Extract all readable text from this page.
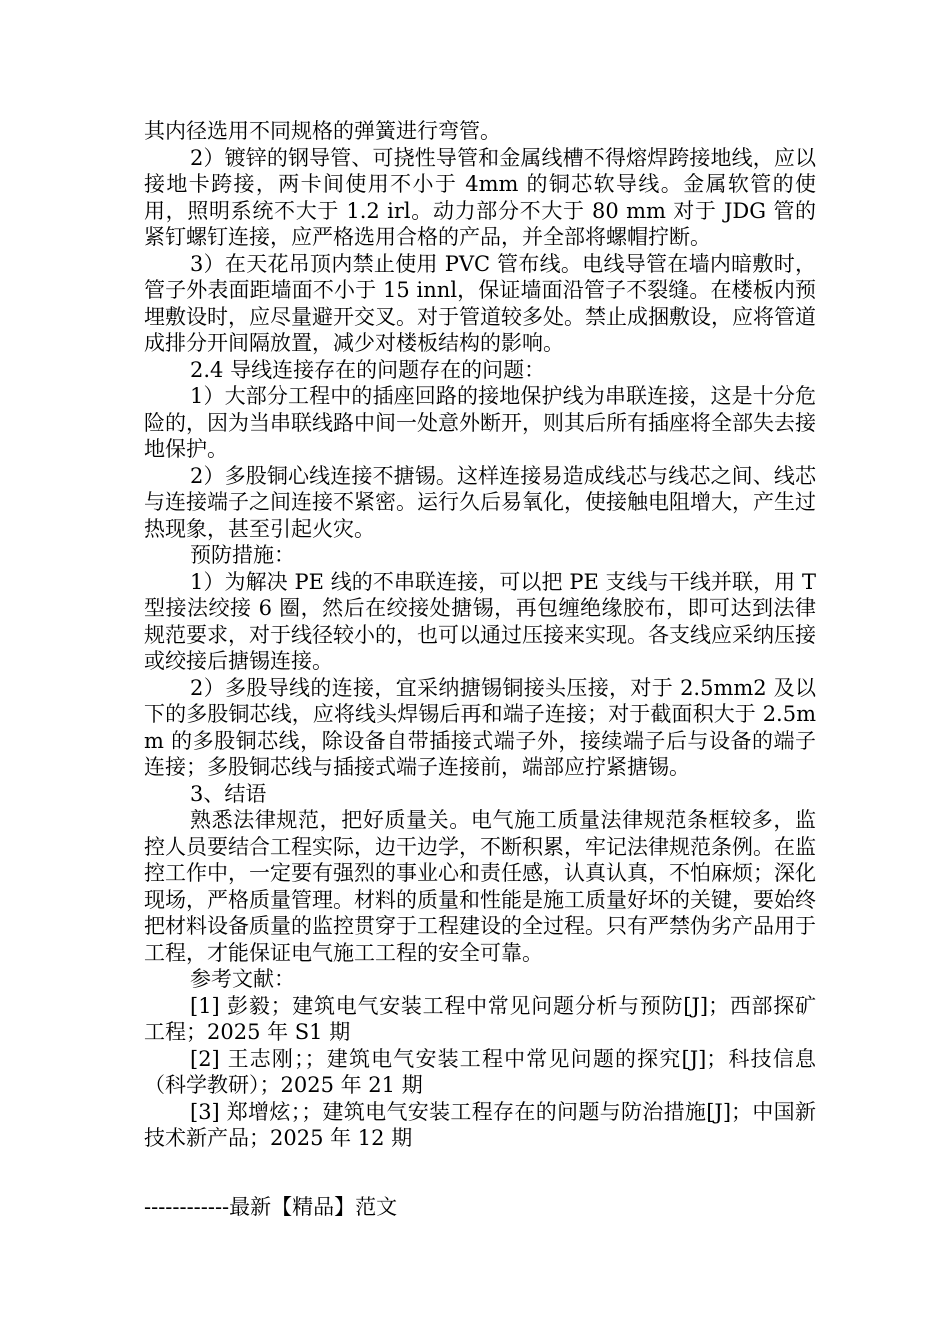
其内径选用不同规格的弹簧进行弯管。

2）镀锌的钢导管、可挠性导管和金属线槽不得熔焊跨接地线，应以接地卡跨接，两卡间使用不小于 4mm 的铜芯软导线。金属软管的使用，照明系统不大于 1.2 irl。动力部分不大于 80 mm 对于 JDG 管的紧钉螺钉连接，应严格选用合格的产品，并全部将螺帽拧断。

3）在天花吊顶内禁止使用 PVC 管布线。电线导管在墙内暗敷时，管子外表面距墙面不小于 15 innl，保证墙面沿管子不裂缝。在楼板内预埋敷设时，应尽量避开交叉。对于管道较多处。禁止成捆敷设，应将管道成排分开间隔放置，减少对楼板结构的影响。

2.4 导线连接存在的问题存在的问题：

1）大部分工程中的插座回路的接地保护线为串联连接，这是十分危险的，因为当串联线路中间一处意外断开，则其后所有插座将全部失去接地保护。

2）多股铜心线连接不搪锡。这样连接易造成线芯与线芯之间、线芯与连接端子之间连接不紧密。运行久后易氧化，使接触电阻增大，产生过热现象，甚至引起火灾。

预防措施：

1）为解决 PE 线的不串联连接，可以把 PE 支线与干线并联，用 T 型接法绞接 6 圈，然后在绞接处搪锡，再包缠绝缘胶布，即可达到法律规范要求，对于线径较小的，也可以通过压接来实现。各支线应采纳压接或绞接后搪锡连接。

2）多股导线的连接，宜采纳搪锡铜接头压接，对于 2.5mm2 及以下的多股铜芯线，应将线头焊锡后再和端子连接；对于截面积大于 2.5mm 的多股铜芯线，除设备自带插接式端子外，接续端子后与设备的端子连接；多股铜芯线与插接式端子连接前，端部应拧紧搪锡。

3、结语

熟悉法律规范，把好质量关。电气施工质量法律规范条框较多，监控人员要结合工程实际，边干边学，不断积累，牢记法律规范条例。在监控工作中，一定要有强烈的事业心和责任感，认真认真，不怕麻烦；深化现场，严格质量管理。材料的质量和性能是施工质量好坏的关键，要始终把材料设备质量的监控贯穿于工程建设的全过程。只有严禁伪劣产品用于工程，才能保证电气施工工程的安全可靠。

参考文献：

[1] 彭毅；建筑电气安装工程中常见问题分析与预防[J]；西部探矿工程；2025 年 S1 期

[2] 王志刚；；建筑电气安装工程中常见问题的探究[J]；科技信息（科学教研）；2025 年 21 期

[3] 郑增炫；；建筑电气安装工程存在的问题与防治措施[J]；中国新技术新产品；2025 年 12 期

------------最新【精品】范文
